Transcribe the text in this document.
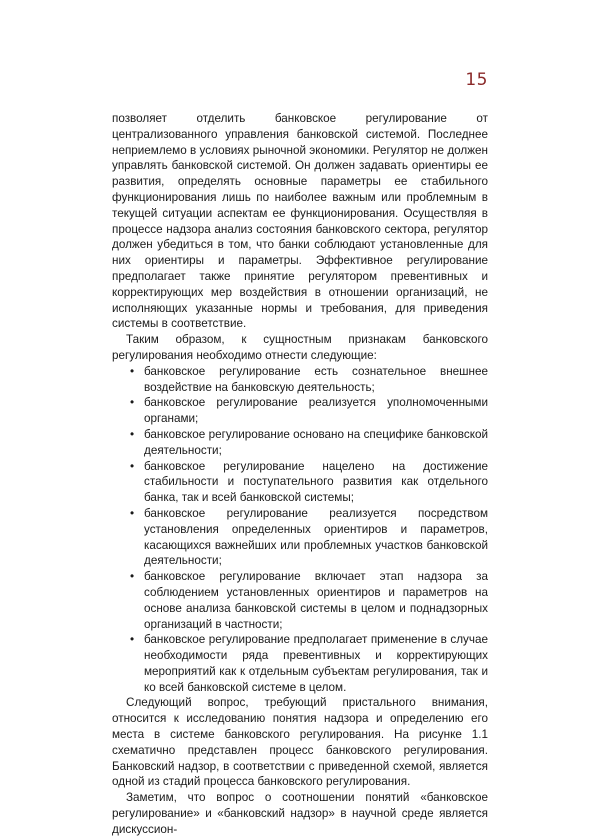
15

позволяет отделить банковское регулирование от централизованного управления банковской системой. Последнее неприемлемо в условиях рыночной экономики. Регулятор не должен управлять банковской системой. Он должен задавать ориентиры ее развития, определять основные параметры ее стабильного функционирования лишь по наиболее важным или проблемным в текущей ситуации аспектам ее функционирования. Осуществляя в процессе надзора анализ состояния банковского сектора, регулятор должен убедиться в том, что банки соблюдают установленные для них ориентиры и параметры. Эффективное регулирование предполагает также принятие регулятором превентивных и корректирующих мер воздействия в отношении организаций, не исполняющих указанные нормы и требования, для приведения системы в соответствие.

Таким образом, к сущностным признакам банковского регулирования необходимо отнести следующие:

• банковское регулирование есть сознательное внешнее воздействие на банковскую деятельность;
• банковское регулирование реализуется уполномоченными органами;
• банковское регулирование основано на специфике банковской деятельности;
• банковское регулирование нацелено на достижение стабильности и поступательного развития как отдельного банка, так и всей банковской системы;
• банковское регулирование реализуется посредством установления определенных ориентиров и параметров, касающихся важнейших или проблемных участков банковской деятельности;
• банковское регулирование включает этап надзора за соблюдением установленных ориентиров и параметров на основе анализа банковской системы в целом и поднадзорных организаций в частности;
• банковское регулирование предполагает применение в случае необходимости ряда превентивных и корректирующих мероприятий как к отдельным субъектам регулирования, так и ко всей банковской системе в целом.

Следующий вопрос, требующий пристального внимания, относится к исследованию понятия надзора и определению его места в системе банковского регулирования. На рисунке 1.1 схематично представлен процесс банковского регулирования. Банковский надзор, в соответствии с приведенной схемой, является одной из стадий процесса банковского регулирования.

Заметим, что вопрос о соотношении понятий «банковское регулирование» и «банковский надзор» в научной среде является дискуссион-
